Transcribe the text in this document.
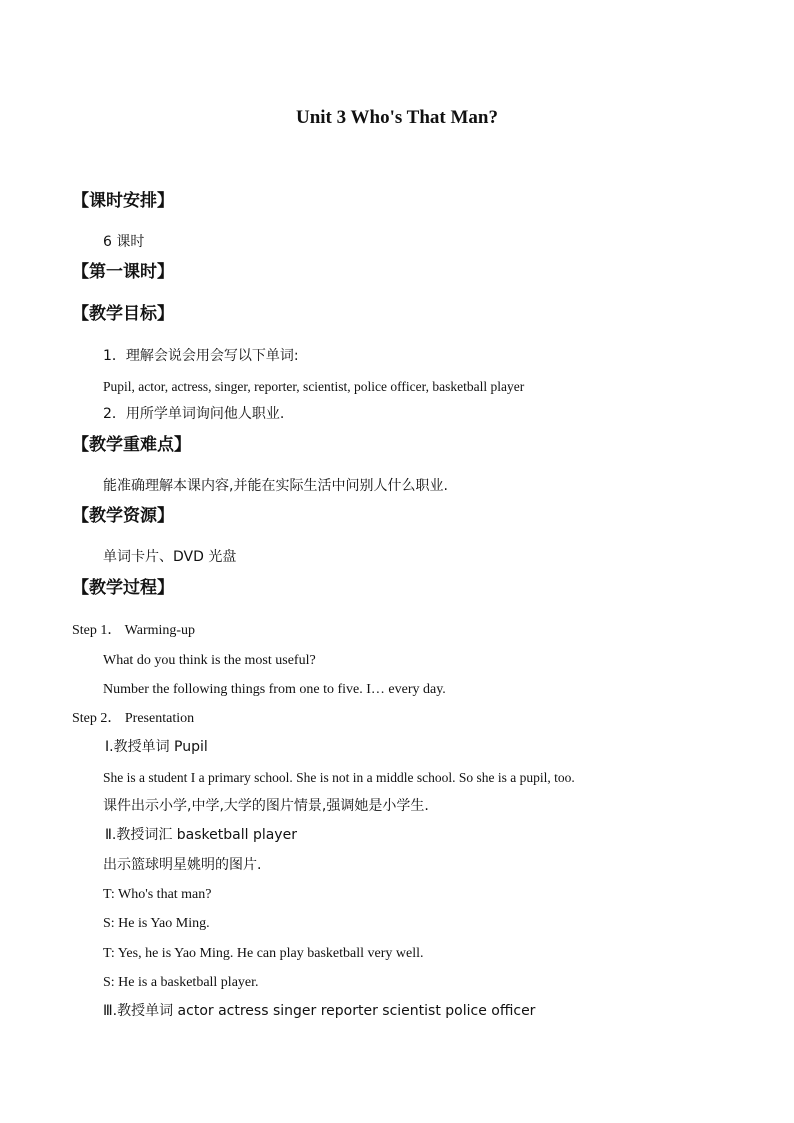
Unit 3 Who's That Man?
【课时安排】
6 课时
【第一课时】
【教学目标】
1．理解会说会用会写以下单词:
Pupil, actor, actress, singer, reporter, scientist, police officer, basketball player
2．用所学单词询问他人职业.
【教学重难点】
能准确理解本课内容,并能在实际生活中问别人什么职业.
【教学资源】
单词卡片、DVD 光盘
【教学过程】
Step 1． Warming-up
What do you think is the most useful?
Number the following things from one to five. I… every day.
Step 2． Presentation
Ⅰ.教授单词 Pupil
She is a student I a primary school. She is not in a middle school. So she is a pupil, too.
课件出示小学,中学,大学的图片情景,强调她是小学生.
Ⅱ.教授词汇 basketball player
出示篮球明星姚明的图片.
T: Who's that man?
S: He is Yao Ming.
T: Yes, he is Yao Ming. He can play basketball very well.
S: He is a basketball player.
Ⅲ.教授单词 actor actress singer reporter scientist police officer
